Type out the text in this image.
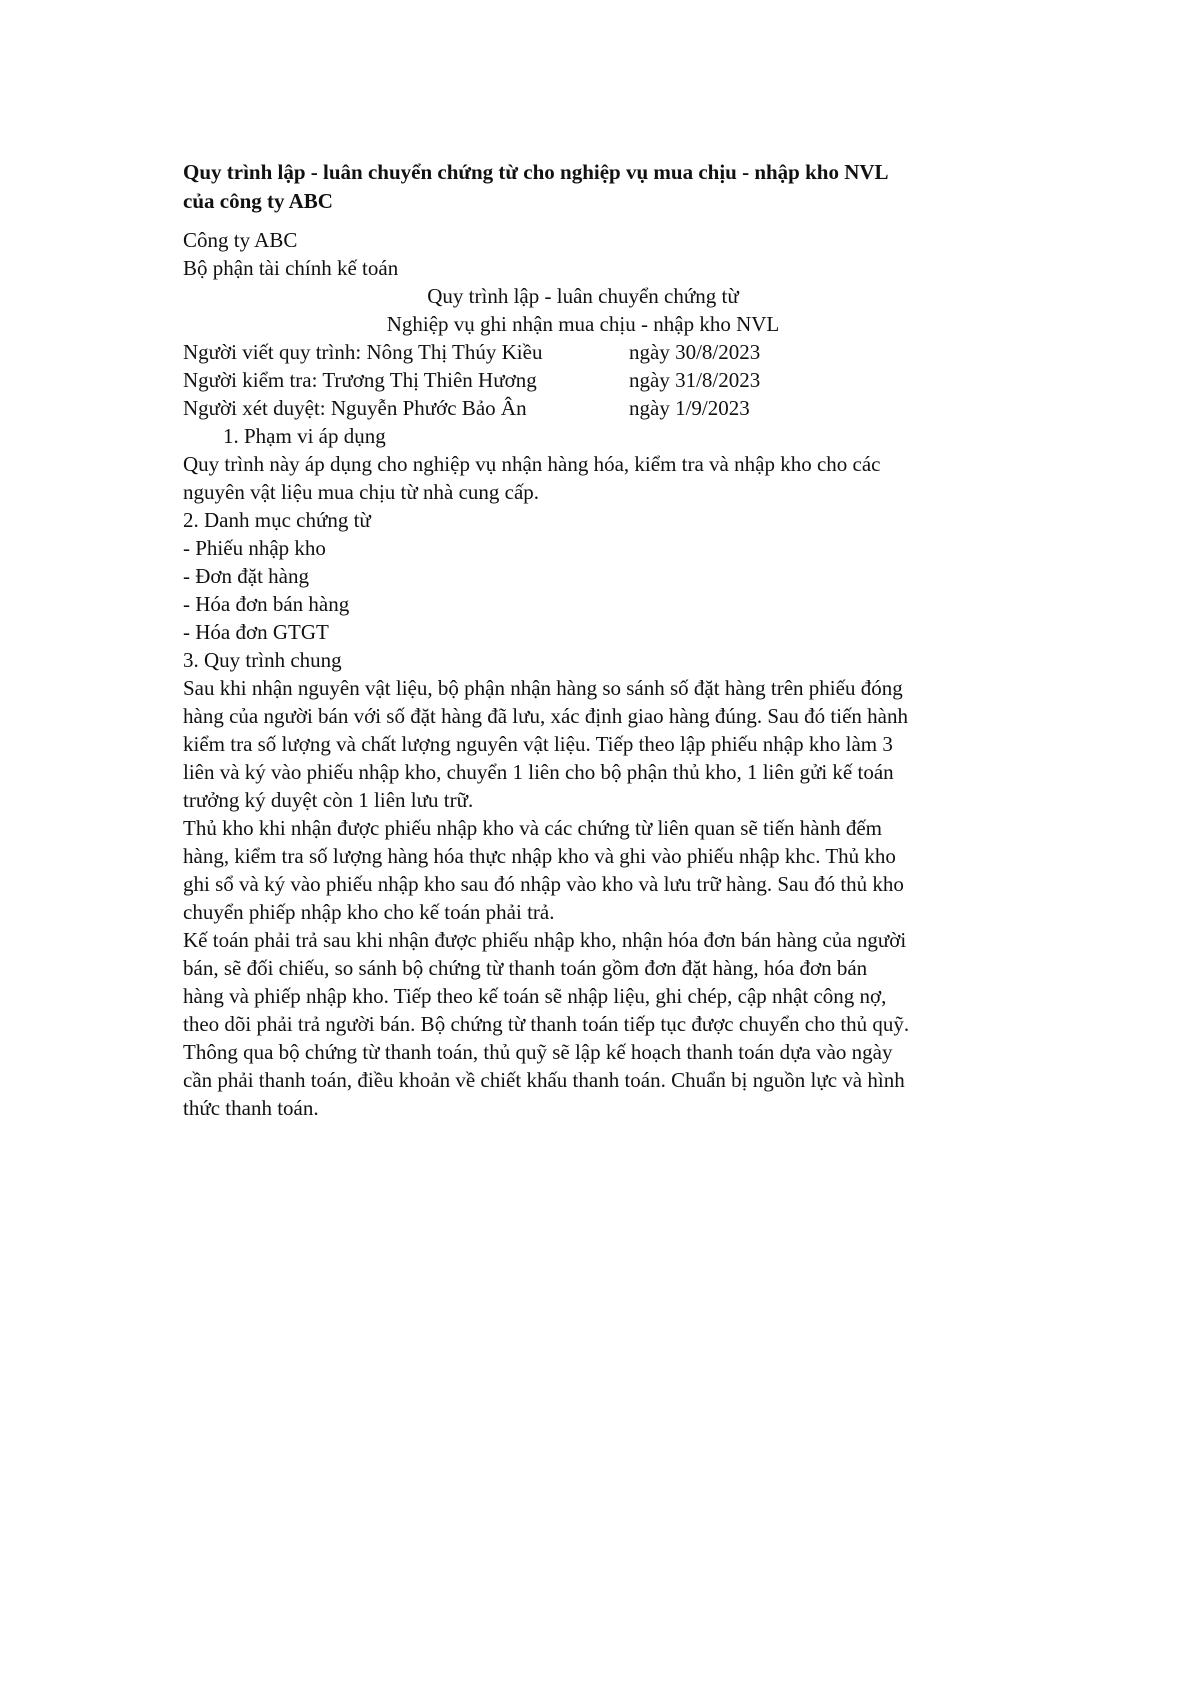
Quy trình lập - luân chuyển chứng từ cho nghiệp vụ mua chịu - nhập kho NVL
của công ty ABC
Công ty ABC
Bộ phận tài chính kế toán
Quy trình lập - luân chuyển chứng từ
Nghiệp vụ ghi nhận mua chịu - nhập kho NVL
Người viết quy trình: Nông Thị Thúy Kiều	ngày 30/8/2023
Người kiểm tra: Trương Thị Thiên Hương	ngày 31/8/2023
Người xét duyệt: Nguyễn Phước Bảo Ân	ngày 1/9/2023
1. Phạm vi áp dụng
Quy trình này áp dụng cho nghiệp vụ nhận hàng hóa, kiểm tra và nhập kho cho các
nguyên vật liệu mua chịu từ nhà cung cấp.
2. Danh mục chứng từ
- Phiếu nhập kho
- Đơn đặt hàng
- Hóa đơn bán hàng
- Hóa đơn GTGT
3. Quy trình chung
Sau khi nhận nguyên vật liệu, bộ phận nhận hàng so sánh số đặt hàng trên phiếu đóng
hàng của người bán với số đặt hàng đã lưu, xác định giao hàng đúng. Sau đó tiến hành
kiểm tra số lượng và chất lượng nguyên vật liệu. Tiếp theo lập phiếu nhập kho làm 3
liên và ký vào phiếu nhập kho, chuyển 1 liên cho bộ phận thủ kho, 1 liên gửi kế toán
trưởng ký duyệt còn 1 liên lưu trữ.
Thủ kho khi nhận được phiếu nhập kho và các chứng từ liên quan sẽ tiến hành đếm
hàng, kiểm tra số lượng hàng hóa thực nhập kho và ghi vào phiếu nhập khc. Thủ kho
ghi sổ và ký vào phiếu nhập kho sau đó nhập vào kho và lưu trữ hàng. Sau đó thủ kho
chuyển phiếp nhập kho cho kế toán phải trả.
Kế toán phải trả sau khi nhận được phiếu nhập kho, nhận hóa đơn bán hàng của người
bán, sẽ đối chiếu, so sánh bộ chứng từ thanh toán gồm đơn đặt hàng, hóa đơn bán
hàng và phiếp nhập kho. Tiếp theo kế toán sẽ nhập liệu, ghi chép, cập nhật công nợ,
theo dõi phải trả người bán. Bộ chứng từ thanh toán tiếp tục được chuyển cho thủ quỹ.
Thông qua bộ chứng từ thanh toán, thủ quỹ sẽ lập kế hoạch thanh toán dựa vào ngày
cần phải thanh toán, điều khoản về chiết khấu thanh toán. Chuẩn bị nguồn lực và hình
thức thanh toán.
